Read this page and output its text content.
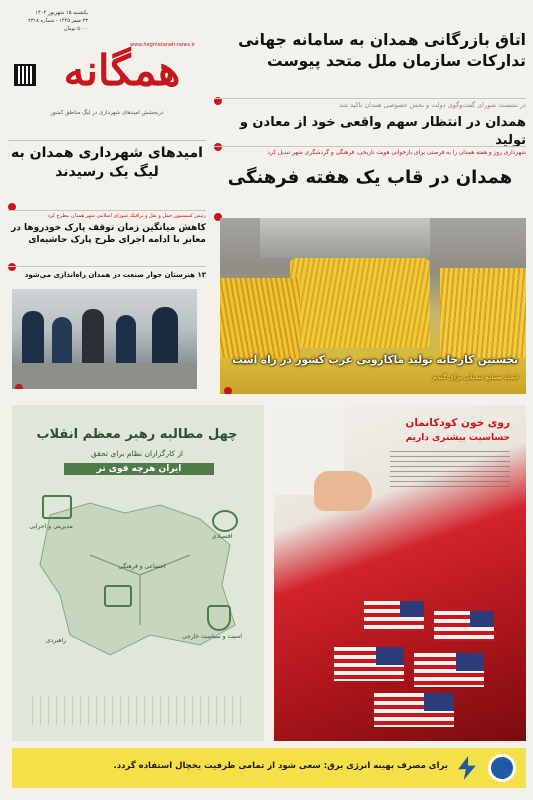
یکشنبه ۱۵ شهریور ۱۴۰۲
۲۳ صفر ۱۴۴۵ - شماره ۲۳۱۸
۵۰۰۰ تومان
www.hegmataneh-news.ir
همگانه
دربخشش امیدهای شهرداری در لیگ مناطق کشور
امیدهای شهرداری همدان به لیگ یک رسیدند
رئیس کمیسیون حمل و نقل و ترافیک شورای اسلامی شهر همدان مطرح کرد
کاهش میانگین زمان توقف پارک خودروها در معابر با ادامه اجرای طرح پارک حاشیه‌ای
۱۳ هنرستان جوار صنعت در همدان راه‌اندازی می‌شود
اتاق بازرگانی همدان به سامانه جهانی تدارکات سازمان ملل متحد پیوست
در نشست شورای گفت‌وگوی دولت و بخش خصوصی همدان تاکید شد
همدان در انتظار سهم واقعی خود از معادن و تولید
شهرداری روز و هفته همدان را به فرصتی برای بازخوانی هویت تاریخی، فرهنگی و گردشگری شهر تبدیل کرد
همدان در قاب یک هفته فرهنگی
نخستین کارخانه تولید ماکارونی غرب کشور در راه است
ایجاد صنایع تبدیلی برای گندم
چهل مطالبه رهبر معظم انقلاب
از کارگزاران نظام برای تحقق
ایران هرچه قوی تر
مدیریتی و اجرایی
اقتصادی
اجتماعی و فرهنگی
راهبردی
امنیت و سیاست خارجی
روی خون کودکانمان
حساسیت بیشتری داریم
برای مصرف بهینه انرژی برق: سعی شود از تمامی ظرفیت یخچال استفاده گردد.
